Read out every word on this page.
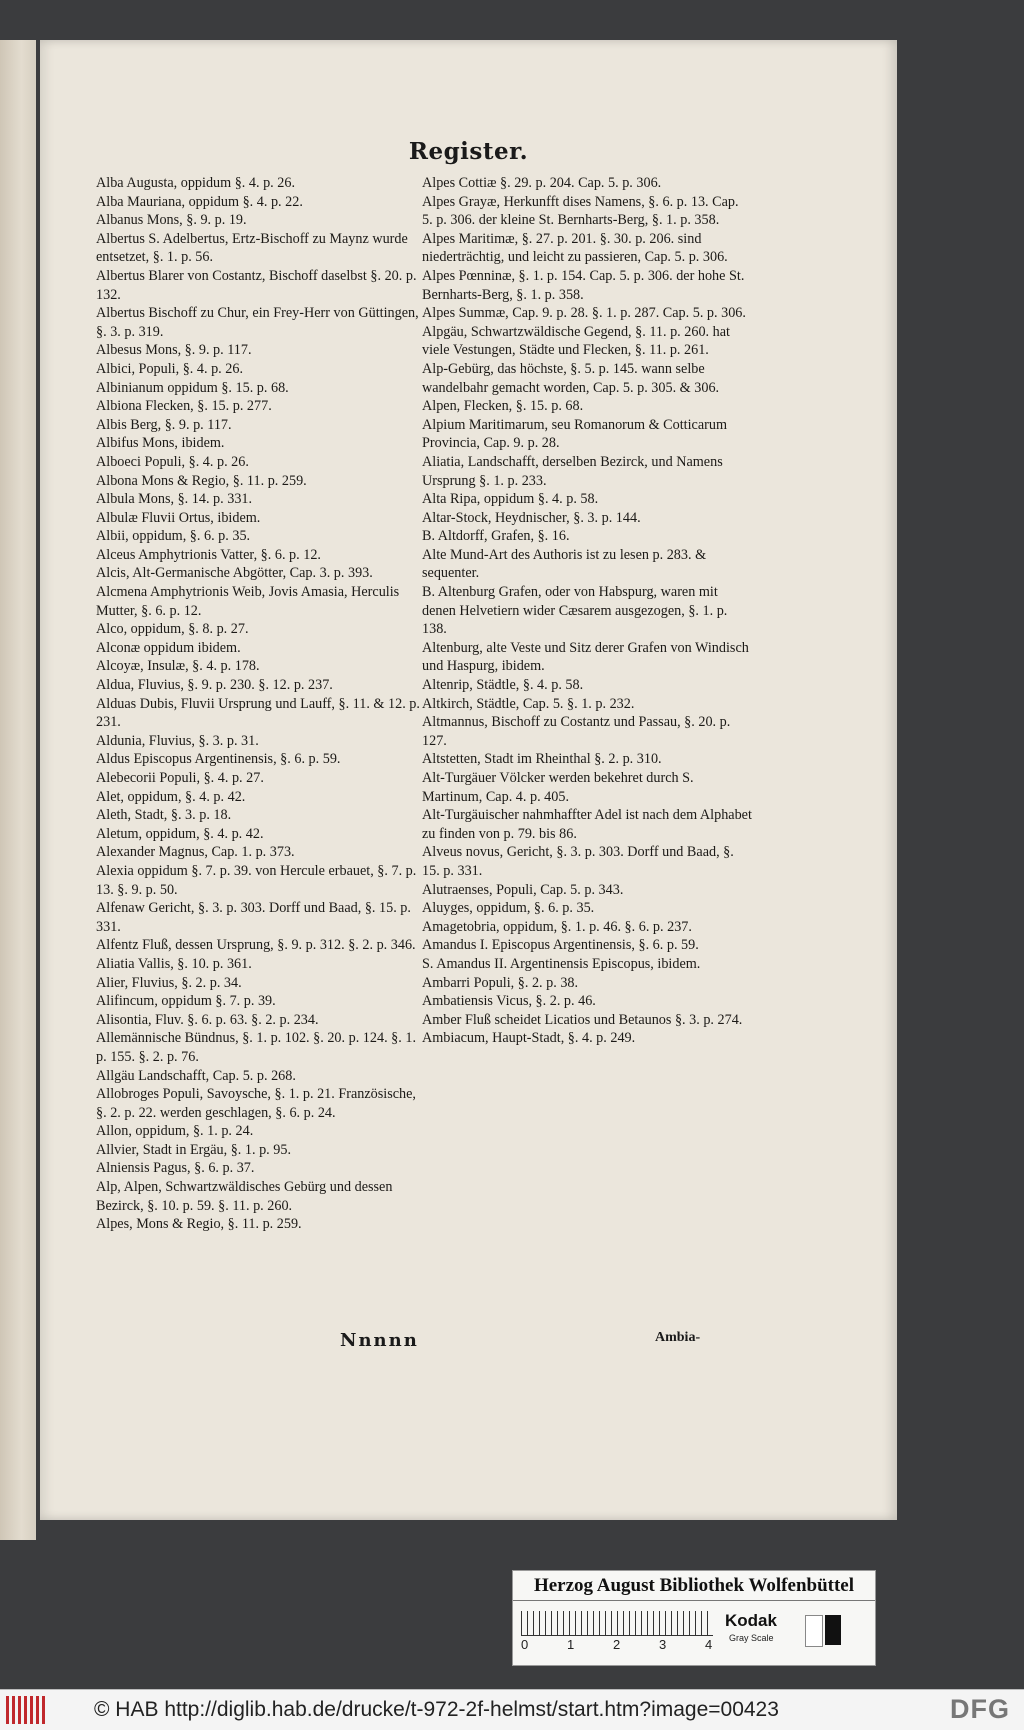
Register.
Alba Augusta, oppidum §. 4. p. 26.
Alba Mauriana, oppidum §. 4. p. 22.
Albanus Mons, §. 9. p. 19.
Albertus S. Adelbertus, Ertz-Bischoff zu Maynz wurde entsetzet, §. 1. p. 56.
Albertus Blarer von Costantz, Bischoff daselbst §. 20. p. 132.
Albertus Bischoff zu Chur, ein Frey-Herr von Güttingen, §. 3. p. 319.
Albesus Mons, §. 9. p. 117.
Albici, Populi, §. 4. p. 26.
Albinianum oppidum §. 15. p. 68.
Albiona Flecken, §. 15. p. 277.
Albis Berg, §. 9. p. 117.
Albifus Mons, ibidem.
Alboeci Populi, §. 4. p. 26.
Albona Mons & Regio, §. 11. p. 259.
Albula Mons, §. 14. p. 331.
Albulæ Fluvii Ortus, ibidem.
Albii, oppidum, §. 6. p. 35.
Alceus Amphytrionis Vatter, §. 6. p. 12.
Alcis, Alt-Germanische Abgötter, Cap. 3. p. 393.
Alcmena Amphytrionis Weib, Jovis Amasia, Herculis Mutter, §. 6. p. 12.
Alco, oppidum, §. 8. p. 27.
Alconæ oppidum ibidem.
Alcoyæ, Insulæ, §. 4. p. 178.
Aldua, Fluvius, §. 9. p. 230. §. 12. p. 237.
Alduas Dubis, Fluvii Ursprung und Lauff, §. 11. & 12. p. 231.
Aldunia, Fluvius, §. 3. p. 31.
Aldus Episcopus Argentinensis, §. 6. p. 59.
Alebecorii Populi, §. 4. p. 27.
Alet, oppidum, §. 4. p. 42.
Aleth, Stadt, §. 3. p. 18.
Aletum, oppidum, §. 4. p. 42.
Alexander Magnus, Cap. 1. p. 373.
Alexia oppidum §. 7. p. 39. von Hercule erbauet, §. 7. p. 13. §. 9. p. 50.
Alfenaw Gericht, §. 3. p. 303. Dorff und Baad, §. 15. p. 331.
Alfentz Fluß, dessen Ursprung, §. 9. p. 312. §. 2. p. 346.
Aliatia Vallis, §. 10. p. 361.
Alier, Fluvius, §. 2. p. 34.
Alifincum, oppidum §. 7. p. 39.
Alisontia, Fluv. §. 6. p. 63. §. 2. p. 234.
Allemännische Bündnus, §. 1. p. 102. §. 20. p. 124. §. 1. p. 155. §. 2. p. 76.
Allgäu Landschafft, Cap. 5. p. 268.
Allobroges Populi, Savoysche, §. 1. p. 21. Französische, §. 2. p. 22. werden geschlagen, §. 6. p. 24.
Allon, oppidum, §. 1. p. 24.
Allvier, Stadt in Ergäu, §. 1. p. 95.
Alniensis Pagus, §. 6. p. 37.
Alp, Alpen, Schwartzwäldisches Gebürg und dessen Bezirck, §. 10. p. 59. §. 11. p. 260.
Alpes, Mons & Regio, §. 11. p. 259.
Alpes Cottiæ §. 29. p. 204. Cap. 5. p. 306.
Alpes Grayæ, Herkunfft dises Namens, §. 6. p. 13. Cap. 5. p. 306. der kleine St. Bernharts-Berg, §. 1. p. 358.
Alpes Maritimæ, §. 27. p. 201. §. 30. p. 206. sind niederträchtig, und leicht zu passieren, Cap. 5. p. 306.
Alpes Pœnninæ, §. 1. p. 154. Cap. 5. p. 306. der hohe St. Bernharts-Berg, §. 1. p. 358.
Alpes Summæ, Cap. 9. p. 28. §. 1. p. 287. Cap. 5. p. 306.
Alpgäu, Schwartzwäldische Gegend, §. 11. p. 260. hat viele Vestungen, Städte und Flecken, §. 11. p. 261.
Alp-Gebürg, das höchste, §. 5. p. 145. wann selbe wandelbahr gemacht worden, Cap. 5. p. 305. & 306.
Alpen, Flecken, §. 15. p. 68.
Alpium Maritimarum, seu Romanorum & Cotticarum Provincia, Cap. 9. p. 28.
Aliatia, Landschafft, derselben Bezirck, und Namens Ursprung §. 1. p. 233.
Alta Ripa, oppidum §. 4. p. 58.
Altar-Stock, Heydnischer, §. 3. p. 144.
B. Altdorff, Grafen, §. 16.
Alte Mund-Art des Authoris ist zu lesen p. 283. & sequenter.
B. Altenburg Grafen, oder von Habspurg, waren mit denen Helvetiern wider Cæsarem ausgezogen, §. 1. p. 138.
Altenburg, alte Veste und Sitz derer Grafen von Windisch und Haspurg, ibidem.
Altenrip, Städtle, §. 4. p. 58.
Altkirch, Städtle, Cap. 5. §. 1. p. 232.
Altmannus, Bischoff zu Costantz und Passau, §. 20. p. 127.
Altstetten, Stadt im Rheinthal §. 2. p. 310.
Alt-Turgäuer Völcker werden bekehret durch S. Martinum, Cap. 4. p. 405.
Alt-Turgäuischer nahmhaffter Adel ist nach dem Alphabet zu finden von p. 79. bis 86.
Alveus novus, Gericht, §. 3. p. 303. Dorff und Baad, §. 15. p. 331.
Alutraenses, Populi, Cap. 5. p. 343.
Aluyges, oppidum, §. 6. p. 35.
Amagetobria, oppidum, §. 1. p. 46. §. 6. p. 237.
Amandus I. Episcopus Argentinensis, §. 6. p. 59.
S. Amandus II. Argentinensis Episcopus, ibidem.
Ambarri Populi, §. 2. p. 38.
Ambatiensis Vicus, §. 2. p. 46.
Amber Fluß scheidet Licatios und Betaunos §. 3. p. 274.
Ambiacum, Haupt-Stadt, §. 4. p. 249.
Nnnnn	Ambia-
Herzog August Bibliothek Wolfenbüttel
0	1	2	3	4
Kodak
Gray Scale
© HAB http://diglib.hab.de/drucke/t-972-2f-helmst/start.htm?image=00423	DFG
